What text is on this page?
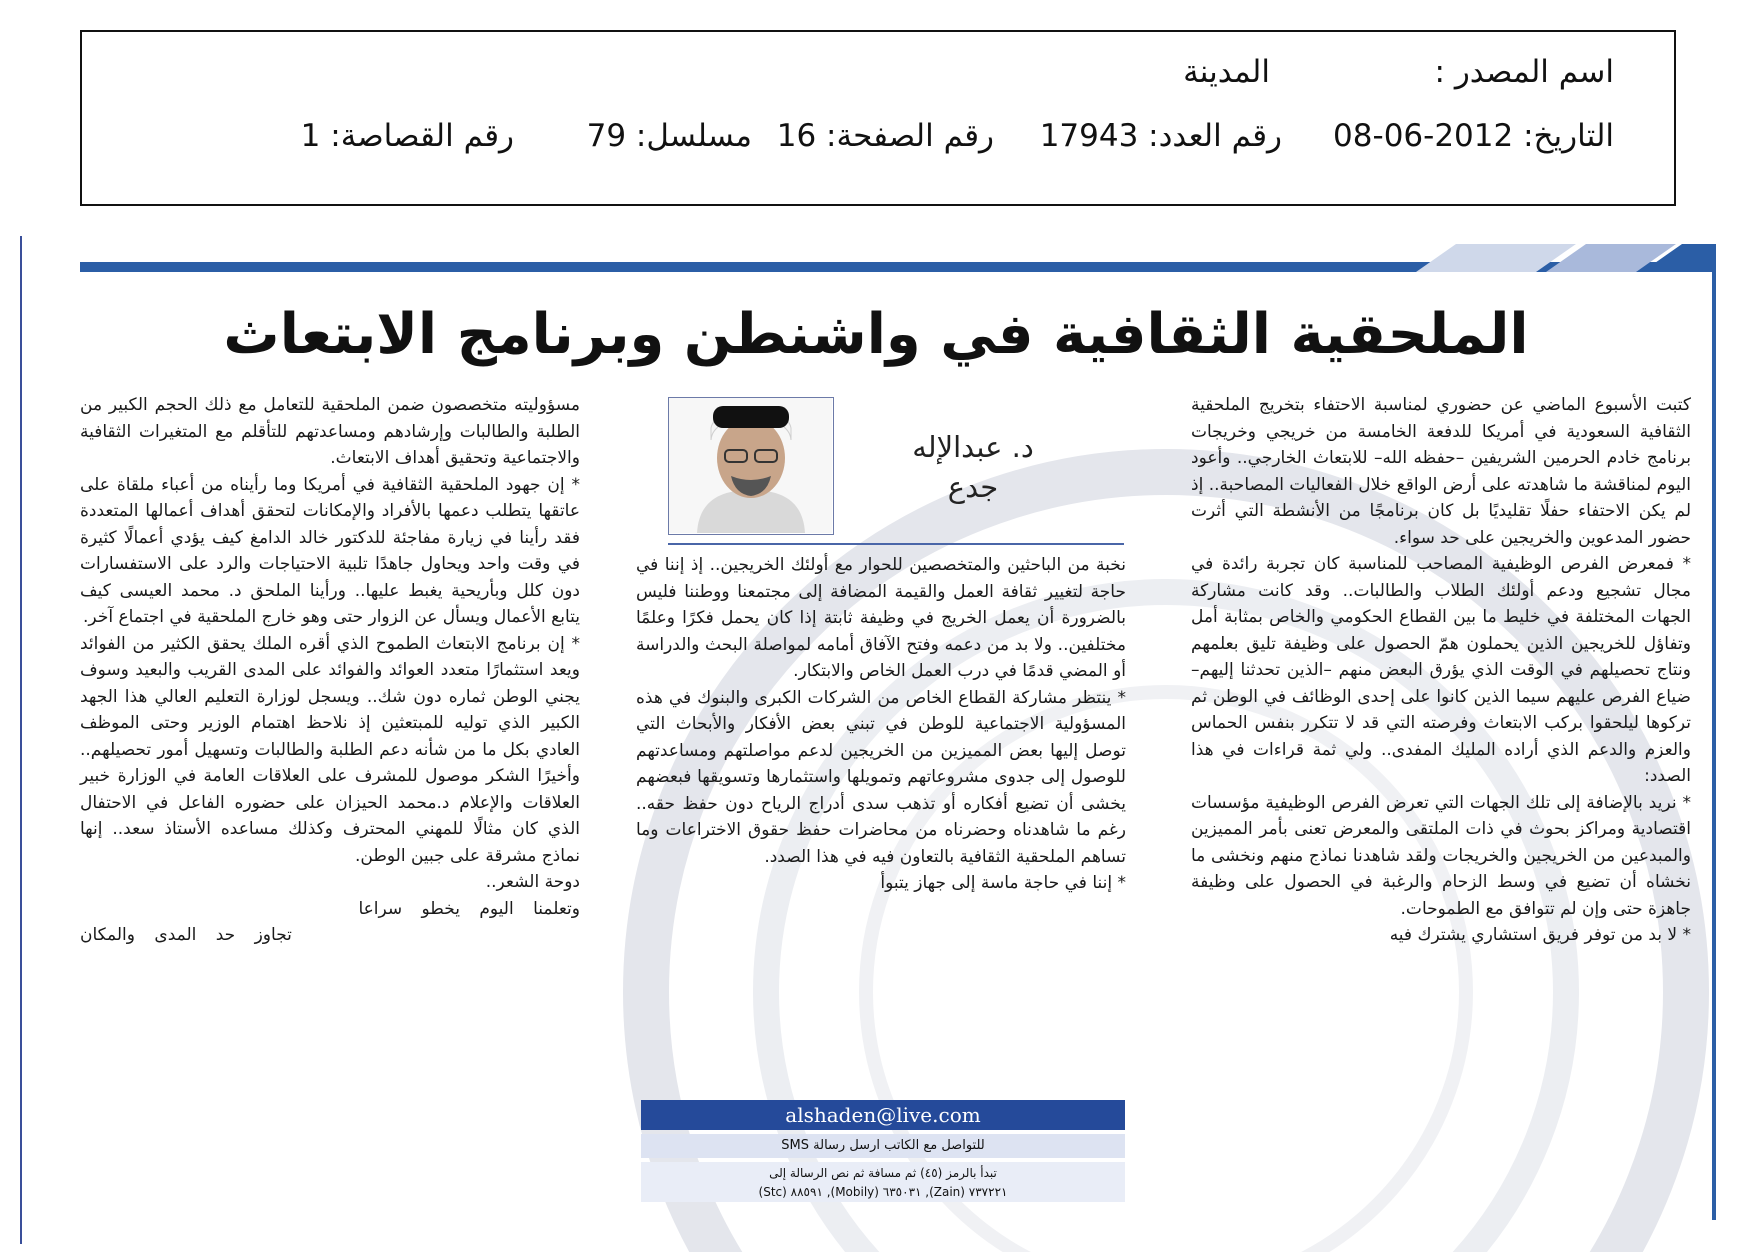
اسم المصدر :
المدينة
التاريخ: 2012-06-08
رقم العدد: 17943
رقم الصفحة: 16
مسلسل: 79
رقم القصاصة: 1
الملحقية الثقافية في واشنطن وبرنامج الابتعاث

كتبت الأسبوع الماضي عن حضوري لمناسبة الاحتفاء بتخريج الملحقية الثقافية السعودية في أمريكا للدفعة الخامسة من خريجي وخريجات برنامج خادم الحرمين الشريفين –حفظه الله– للابتعاث الخارجي.. وأعود اليوم لمناقشة ما شاهدته على أرض الواقع خلال الفعاليات المصاحبة.. إذ لم يكن الاحتفاء حفلًا تقليديًا بل كان برنامجًا من الأنشطة التي أثرت حضور المدعوين والخريجين على حد سواء.
* فمعرض الفرص الوظيفية المصاحب للمناسبة كان تجربة رائدة في مجال تشجيع ودعم أولئك الطلاب والطالبات.. وقد كانت مشاركة الجهات المختلفة في خليط ما بين القطاع الحكومي والخاص بمثابة أمل وتفاؤل للخريجين الذين يحملون همّ الحصول على وظيفة تليق بعلمهم ونتاج تحصيلهم في الوقت الذي يؤرق البعض منهم –الذين تحدثنا إليهم– ضياع الفرص عليهم سيما الذين كانوا على إحدى الوظائف في الوطن ثم تركوها ليلحقوا بركب الابتعاث وفرصته التي قد لا تتكرر بنفس الحماس والعزم والدعم الذي أراده المليك المفدى.. ولي ثمة قراءات في هذا الصدد:
* نريد بالإضافة إلى تلك الجهات التي تعرض الفرص الوظيفية مؤسسات اقتصادية ومراكز بحوث في ذات الملتقى والمعرض تعنى بأمر المميزين والمبدعين من الخريجين والخريجات ولقد شاهدنا نماذج منهم ونخشى ما نخشاه أن تضيع في وسط الزحام والرغبة في الحصول على وظيفة جاهزة حتى وإن لم تتوافق مع الطموحات.
* لا بد من توفر فريق استشاري يشترك فيه

د. عبدالإله
جدع

نخبة من الباحثين والمتخصصين للحوار مع أولئك الخريجين.. إذ إننا في حاجة لتغيير ثقافة العمل والقيمة المضافة إلى مجتمعنا ووطننا فليس بالضرورة أن يعمل الخريج في وظيفة ثابتة إذا كان يحمل فكرًا وعلمًا مختلفين.. ولا بد من دعمه وفتح الآفاق أمامه لمواصلة البحث والدراسة أو المضي قدمًا في درب العمل الخاص والابتكار.
* ينتظر مشاركة القطاع الخاص من الشركات الكبرى والبنوك في هذه المسؤولية الاجتماعية للوطن في تبني بعض الأفكار والأبحاث التي توصل إليها بعض المميزين من الخريجين لدعم مواصلتهم ومساعدتهم للوصول إلى جدوى مشروعاتهم وتمويلها واستثمارها وتسويقها فبعضهم يخشى أن تضيع أفكاره أو تذهب سدى أدراج الرياح دون حفظ حقه.. رغم ما شاهدناه وحضرناه من محاضرات حفظ حقوق الاختراعات وما تساهم الملحقية الثقافية بالتعاون فيه في هذا الصدد.
* إننا في حاجة ماسة إلى جهاز يتبوأ

alshaden@live.com
للتواصل مع الكاتب ارسل رسالة SMS
تبدأ بالرمز (٤٥) ثم مسافة ثم نص الرسالة إلى
(Stc) ٨٨٥٩١ ,(Mobily) ٦٣٥٠٣١ ,(Zain) ٧٣٧٢٢١

مسؤوليته متخصصون ضمن الملحقية للتعامل مع ذلك الحجم الكبير من الطلبة والطالبات وإرشادهم ومساعدتهم للتأقلم مع المتغيرات الثقافية والاجتماعية وتحقيق أهداف الابتعاث.
* إن جهود الملحقية الثقافية في أمريكا وما رأيناه من أعباء ملقاة على عاتقها يتطلب دعمها بالأفراد والإمكانات لتحقق أهداف أعمالها المتعددة فقد رأينا في زيارة مفاجئة للدكتور خالد الدامغ كيف يؤدي أعمالًا كثيرة في وقت واحد ويحاول جاهدًا تلبية الاحتياجات والرد على الاستفسارات دون كلل وبأريحية يغبط عليها.. ورأينا الملحق د. محمد العيسى كيف يتابع الأعمال ويسأل عن الزوار حتى وهو خارج الملحقية في اجتماع آخر.
* إن برنامج الابتعاث الطموح الذي أقره الملك يحقق الكثير من الفوائد ويعد استثمارًا متعدد العوائد والفوائد على المدى القريب والبعيد وسوف يجني الوطن ثماره دون شك.. ويسجل لوزارة التعليم العالي هذا الجهد الكبير الذي توليه للمبتعثين إذ نلاحظ اهتمام الوزير وحتى الموظف العادي بكل ما من شأنه دعم الطلبة والطالبات وتسهيل أمور تحصيلهم.. وأخيرًا الشكر موصول للمشرف على العلاقات العامة في الوزارة خبير العلاقات والإعلام د.محمد الحيزان على حضوره الفاعل في الاحتفال الذي كان مثالًا للمهني المحترف وكذلك مساعده الأستاذ سعد.. إنها نماذج مشرقة على جبين الوطن.
دوحة الشعر..

وتعلمنا اليوم يخطو سراعا
تجاوز حد المدى والمكان
